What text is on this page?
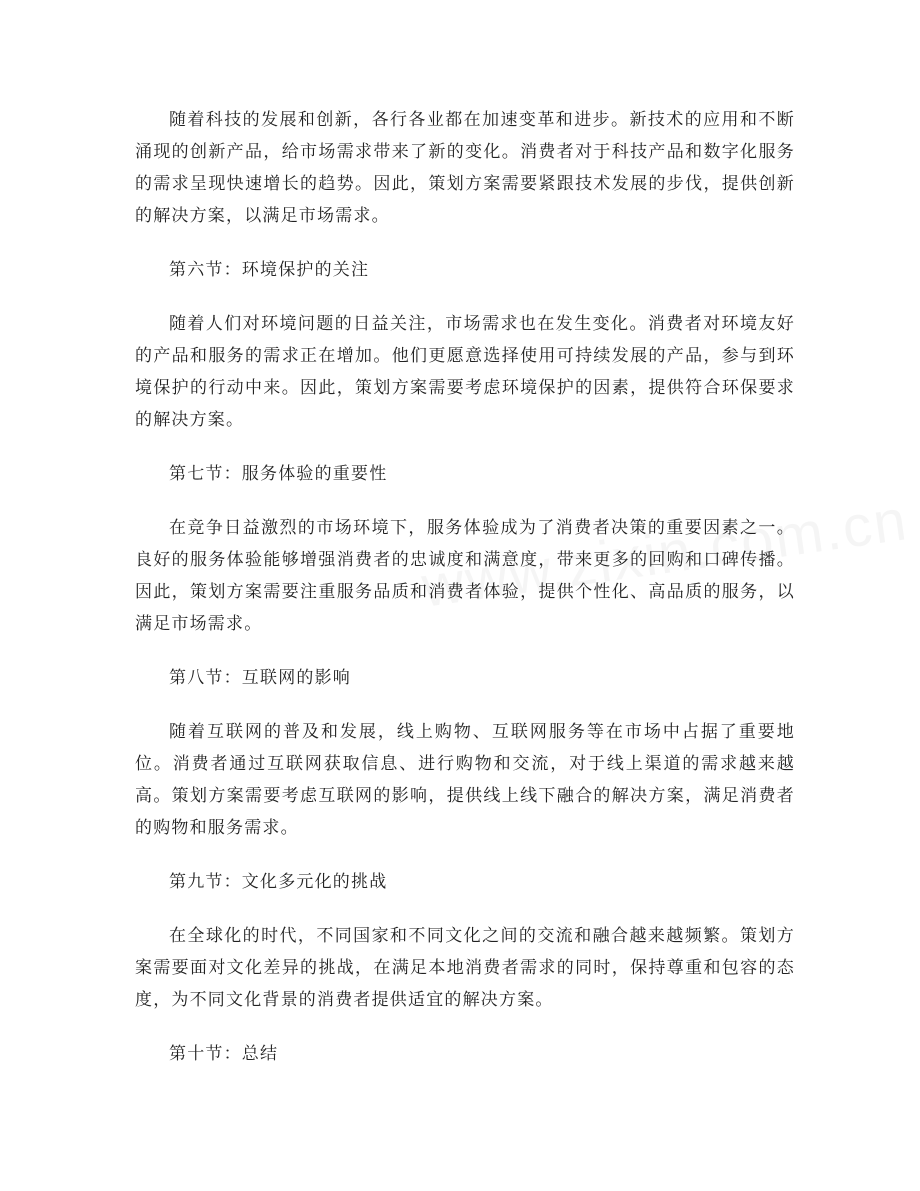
随着科技的发展和创新，各行各业都在加速变革和进步。新技术的应用和不断涌现的创新产品，给市场需求带来了新的变化。消费者对于科技产品和数字化服务的需求呈现快速增长的趋势。因此，策划方案需要紧跟技术发展的步伐，提供创新的解决方案，以满足市场需求。

第六节：环境保护的关注

随着人们对环境问题的日益关注，市场需求也在发生变化。消费者对环境友好的产品和服务的需求正在增加。他们更愿意选择使用可持续发展的产品，参与到环境保护的行动中来。因此，策划方案需要考虑环境保护的因素，提供符合环保要求的解决方案。

第七节：服务体验的重要性

在竞争日益激烈的市场环境下，服务体验成为了消费者决策的重要因素之一。良好的服务体验能够增强消费者的忠诚度和满意度，带来更多的回购和口碑传播。因此，策划方案需要注重服务品质和消费者体验，提供个性化、高品质的服务，以满足市场需求。

第八节：互联网的影响

随着互联网的普及和发展，线上购物、互联网服务等在市场中占据了重要地位。消费者通过互联网获取信息、进行购物和交流，对于线上渠道的需求越来越高。策划方案需要考虑互联网的影响，提供线上线下融合的解决方案，满足消费者的购物和服务需求。

第九节：文化多元化的挑战

在全球化的时代，不同国家和不同文化之间的交流和融合越来越频繁。策划方案需要面对文化差异的挑战，在满足本地消费者需求的同时，保持尊重和包容的态度，为不同文化背景的消费者提供适宜的解决方案。

第十节：总结
